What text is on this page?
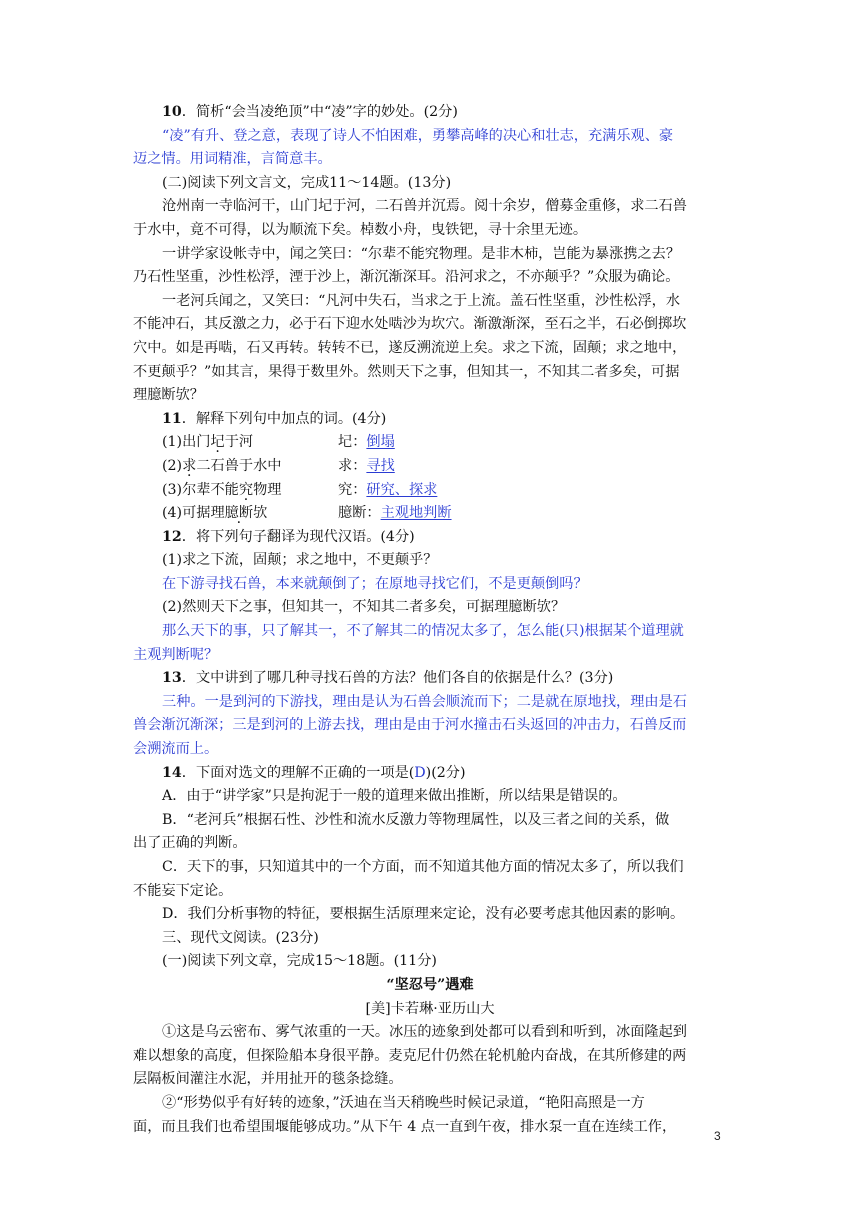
10．简析“会当凌绝顶”中“凌”字的妙处。(2分)
“凌”有升、登之意，表现了诗人不怕困难，勇攀高峰的决心和壮志，充满乐观、豪
迈之情。用词精准，言简意丰。
(二)阅读下列文言文，完成11～14题。(13分)
沧州南一寺临河干，山门圮于河，二石兽并沉焉。阅十余岁，僧募金重修，求二石兽
于水中，竟不可得，以为顺流下矣。棹数小舟，曳铁钯，寻十余里无迹。
一讲学家设帐寺中，闻之笑曰：“尔辈不能究物理。是非木柿，岂能为暴涨携之去？
乃石性坚重，沙性松浮，湮于沙上，渐沉渐深耳。沿河求之，不亦颠乎？”众服为确论。
一老河兵闻之，又笑曰：“凡河中失石，当求之于上流。盖石性坚重，沙性松浮，水
不能冲石，其反激之力，必于石下迎水处啮沙为坎穴。渐激渐深，至石之半，石必倒掷坎
穴中。如是再啮，石又再转。转转不已，遂反溯流逆上矣。求之下流，固颠；求之地中，
不更颠乎？”如其言，果得于数里外。然则天下之事，但知其一，不知其二者多矣，可据
理臆断欤？
11．解释下列句中加点的词。(4分)
(1)出门圮于河	圮： 倒塌
(2)求二石兽于水中	求： 寻找
(3)尔辈不能究物理	究： 研究、探求
(4)可据理臆断欤	臆断： 主观地判断
12．将下列句子翻译为现代汉语。(4分)
(1)求之下流，固颠；求之地中，不更颠乎？
在下游寻找石兽，本来就颠倒了；在原地寻找它们，不是更颠倒吗？
(2)然则天下之事，但知其一，不知其二者多矣，可据理臆断欤？
那么天下的事，只了解其一，不了解其二的情况太多了，怎么能(只)根据某个道理就
主观判断呢？
13．文中讲到了哪几种寻找石兽的方法？他们各自的依据是什么？(3分)
三种。一是到河的下游找，理由是认为石兽会顺流而下；二是就在原地找，理由是石
兽会渐沉渐深；三是到河的上游去找，理由是由于河水撞击石头返回的冲击力，石兽反而
会溯流而上。
14．下面对选文的理解不正确的一项是(D)(2分)
A．由于“讲学家”只是拘泥于一般的道理来做出推断，所以结果是错误的。
B．“老河兵”根据石性、沙性和流水反激力等物理属性，以及三者之间的关系，做
出了正确的判断。
C．天下的事，只知道其中的一个方面，而不知道其他方面的情况太多了，所以我们
不能妄下定论。
D．我们分析事物的特征，要根据生活原理来定论，没有必要考虑其他因素的影响。
三、现代文阅读。(23分)
(一)阅读下列文章，完成15～18题。(11分)
“坚忍号”遇难
[美]卡若琳·亚历山大
①这是乌云密布、雾气浓重的一天。冰压的迹象到处都可以看到和听到，冰面隆起到
难以想象的高度，但探险船本身很平静。麦克尼什仍然在轮机舱内奋战，在其所修建的两
层隔板间灌注水泥，并用扯开的毯条捻缝。
②“形势似乎有好转的迹象，”沃迪在当天稍晚些时候记录道，“艳阳高照是一方
面，而且我们也希望围堰能够成功。”从下午 4 点一直到午夜，排水泵一直在连续工作，
3
